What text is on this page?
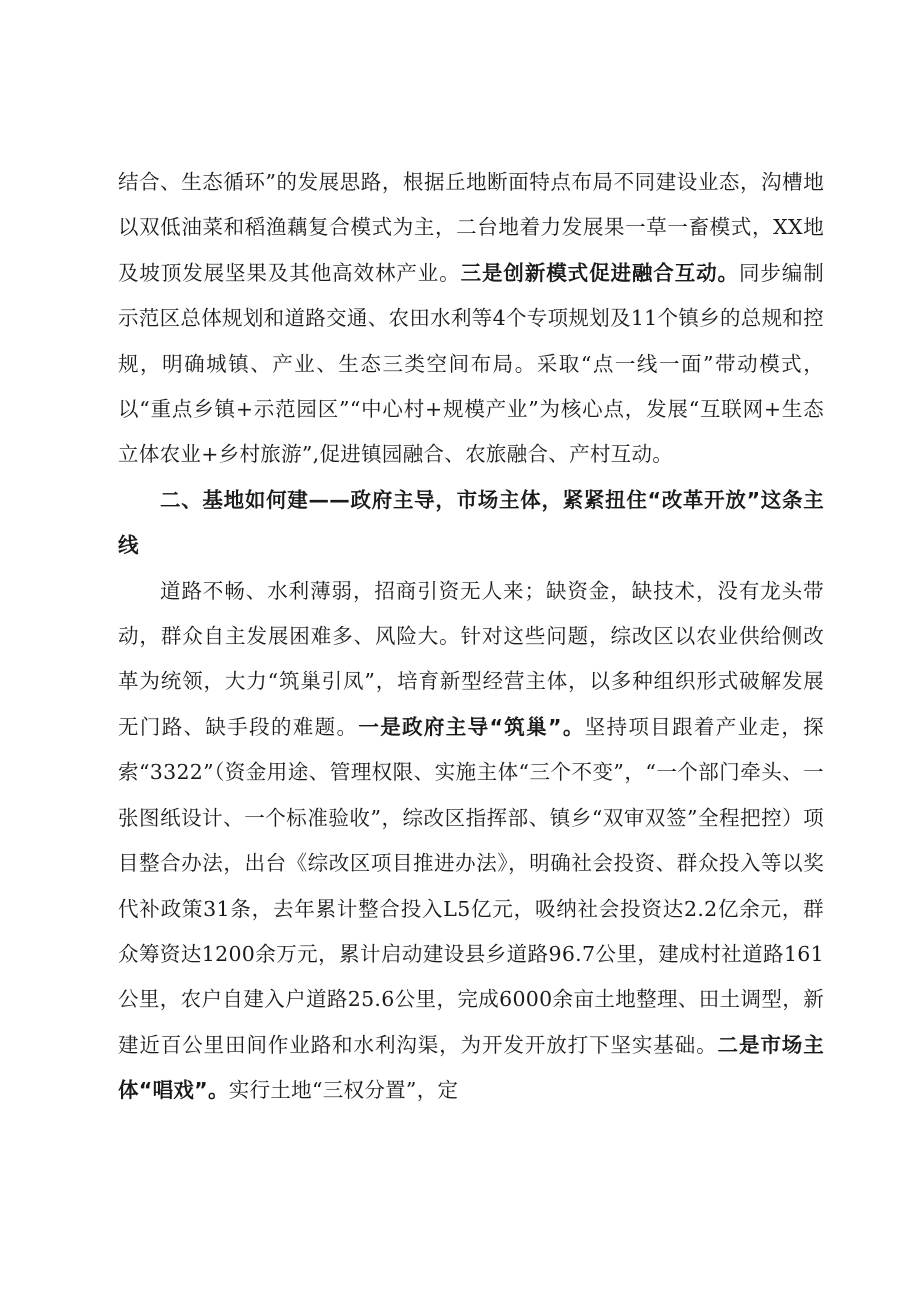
结合、生态循环”的发展思路，根据丘地断面特点布局不同建设业态，沟槽地以双低油菜和稻渔藕复合模式为主，二台地着力发展果一草一畜模式，XX地及坡顶发展坚果及其他高效林产业。三是创新模式促进融合互动。同步编制示范区总体规划和道路交通、农田水利等4个专项规划及11个镇乡的总规和控规，明确城镇、产业、生态三类空间布局。采取“点一线一面”带动模式，以“重点乡镇+示范园区”“中心村+规模产业”为核心点，发展“互联网+生态立体农业+乡村旅游”,促进镇园融合、农旅融合、产村互动。

二、基地如何建——政府主导，市场主体，紧紧扭住“改革开放”这条主线

道路不畅、水利薄弱，招商引资无人来；缺资金，缺技术，没有龙头带动，群众自主发展困难多、风险大。针对这些问题，综改区以农业供给侧改革为统领，大力“筑巢引凤”，培育新型经营主体，以多种组织形式破解发展无门路、缺手段的难题。一是政府主导“筑巢”。坚持项目跟着产业走，探索“3322”（资金用途、管理权限、实施主体“三个不变”，“一个部门牵头、一张图纸设计、一个标准验收”，综改区指挥部、镇乡“双审双签”全程把控）项目整合办法，出台《综改区项目推进办法》，明确社会投资、群众投入等以奖代补政策31条，去年累计整合投入L5亿元，吸纳社会投资达2.2亿余元，群众筹资达1200余万元，累计启动建设县乡道路96.7公里，建成村社道路161公里，农户自建入户道路25.6公里，完成6000余亩土地整理、田土调型，新建近百公里田间作业路和水利沟渠，为开发开放打下坚实基础。二是市场主体“唱戏”。实行土地“三权分置”，定
